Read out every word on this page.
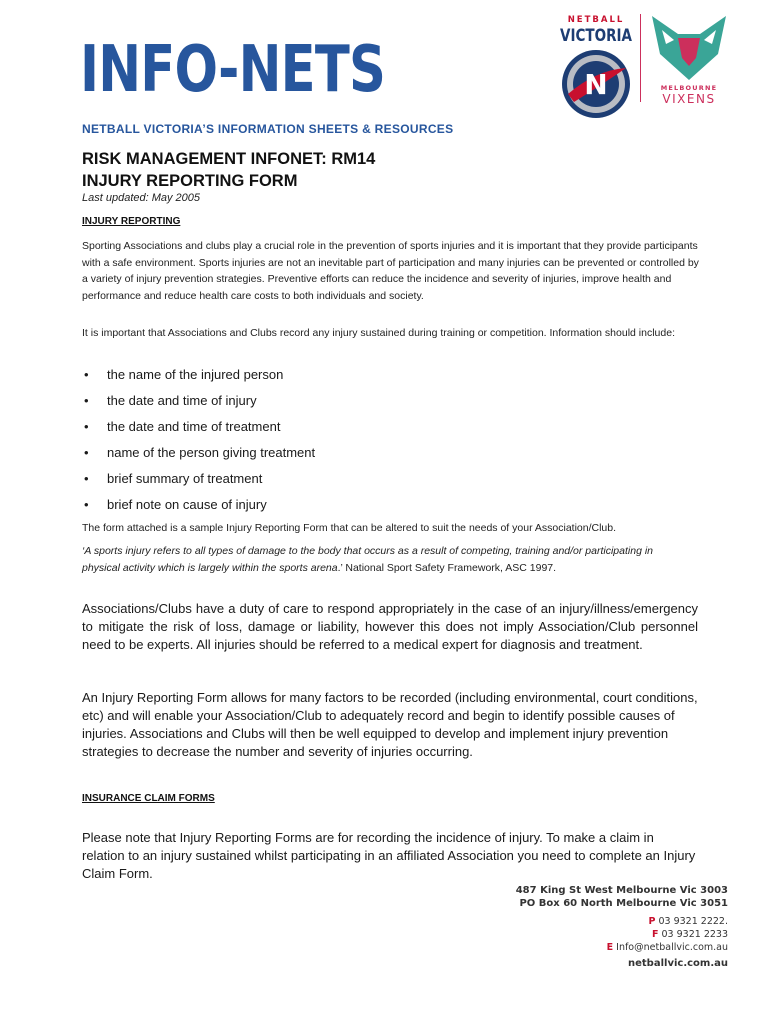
INFO-NETS
NETBALL
VICTORIA
N	MELBOURNE
VIXENS

NETBALL VICTORIA’S INFORMATION SHEETS & RESOURCES

RISK MANAGEMENT INFONET: RM14
INJURY REPORTING FORM

Last updated: May 2005

INJURY REPORTING

Sporting Associations and clubs play a crucial role in the prevention of sports injuries and it is important that they provide participants with a safe environment. Sports injuries are not an inevitable part of participation and many injuries can be prevented or controlled by a variety of injury prevention strategies. Preventive efforts can reduce the incidence and severity of injuries, improve health and performance and reduce health care costs to both individuals and society.

It is important that Associations and Clubs record any injury sustained during training or competition. Information should include:

• the name of the injured person
• the date and time of injury
• the date and time of treatment
• name of the person giving treatment
• brief summary of treatment
• brief note on cause of injury

The form attached is a sample Injury Reporting Form that can be altered to suit the needs of your Association/Club.

‘A sports injury refers to all types of damage to the body that occurs as a result of competing, training and/or participating in physical activity which is largely within the sports arena.’ National Sport Safety Framework, ASC 1997.

Associations/Clubs have a duty of care to respond appropriately in the case of an injury/illness/emergency to mitigate the risk of loss, damage or liability, however this does not imply Association/Club personnel need to be experts. All injuries should be referred to a medical expert for diagnosis and treatment.

An Injury Reporting Form allows for many factors to be recorded (including environmental, court conditions, etc) and will enable your Association/Club to adequately record and begin to identify possible causes of injuries. Associations and Clubs will then be well equipped to develop and implement injury prevention strategies to decrease the number and severity of injuries occurring.

INSURANCE CLAIM FORMS

Please note that Injury Reporting Forms are for recording the incidence of injury. To make a claim in relation to an injury sustained whilst participating in an affiliated Association you need to complete an Injury Claim Form.

487 King St West Melbourne Vic 3003
PO Box 60 North Melbourne Vic 3051
P 03 9321 2222.
F 03 9321 2233
E Info@netballvic.com.au
netballvic.com.au
